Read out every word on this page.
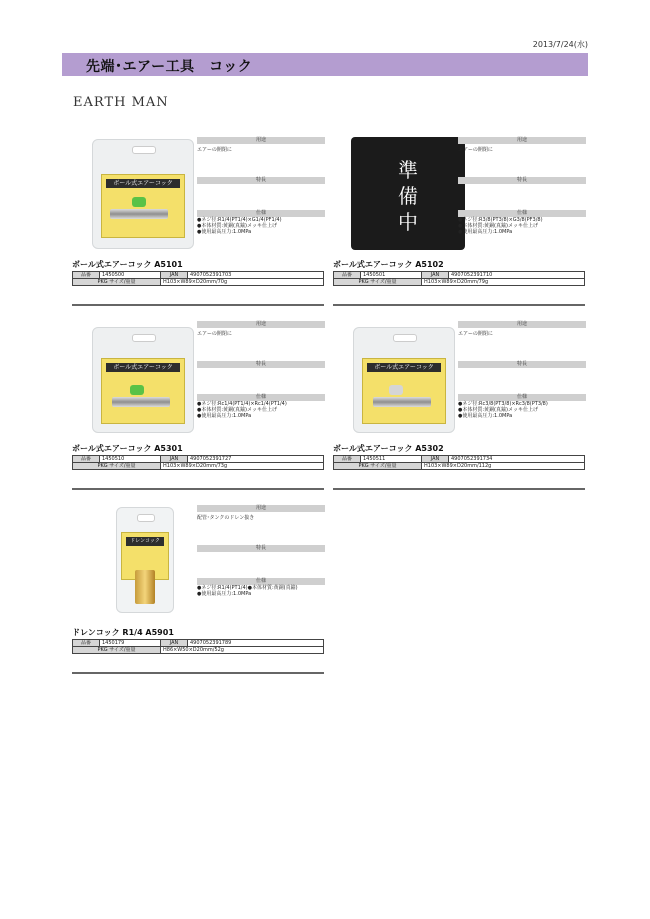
2013/7/24(水)
先端･エアー工具　コック
EARTH MAN
ボール式エアーコック
用途
エアーの開閉に
特長
仕様
●ネジ径:R1/4(PT1/4)×G1/4(PF1/4)
●本体材質:黄銅(真鍮)メッキ仕上げ
●使用最高圧力:1.0MPa
ボール式エアーコック A5101
品番	1450500	JAN	4907052391703
PKG サイズ/重量		H103×W89×D20mm/70g	
準備中
用途
エアーの開閉に
特長
仕様
●ネジ径:R3/8(PT3/8)×G3/8(PF3/8)
●本体材質:黄銅(真鍮)メッキ仕上げ
●使用最高圧力:1.0MPa
ボール式エアーコック A5102
品番	1450501	JAN	4907052391710
PKG サイズ/重量		H103×W89×D20mm/79g	
ボール式エアーコック
用途
エアーの開閉に
特長
仕様
●ネジ径:Rc1/4(PT1/4)×Rc1/4(PT1/4)
●本体材質:黄銅(真鍮)メッキ仕上げ
●使用最高圧力:1.0MPa
ボール式エアーコック A5301
品番	1450510	JAN	4907052391727
PKG サイズ/重量		H103×W89×D20mm/73g	
ボール式エアーコック
用途
エアーの開閉に
特長
仕様
●ネジ径:Rc3/8(PT3/8)×Rc3/8(PT3/8)
●本体材質:黄銅(真鍮)メッキ仕上げ
●使用最高圧力:1.0MPa
ボール式エアーコック A5302
品番	1450511	JAN	4907052391734
PKG サイズ/重量		H103×W89×D20mm/112g	
ドレンコック
用途
配管･タンクのドレン抜き
特長
仕様
●ネジ径:R1/4(PT1/4)●本体材質:黄銅(真鍮)
●使用最高圧力:1.0MPa
ドレンコック R1/4 A5901
品番	1450179	JAN	4907052391789
PKG サイズ/重量		H86×W50×D20mm/52g	
